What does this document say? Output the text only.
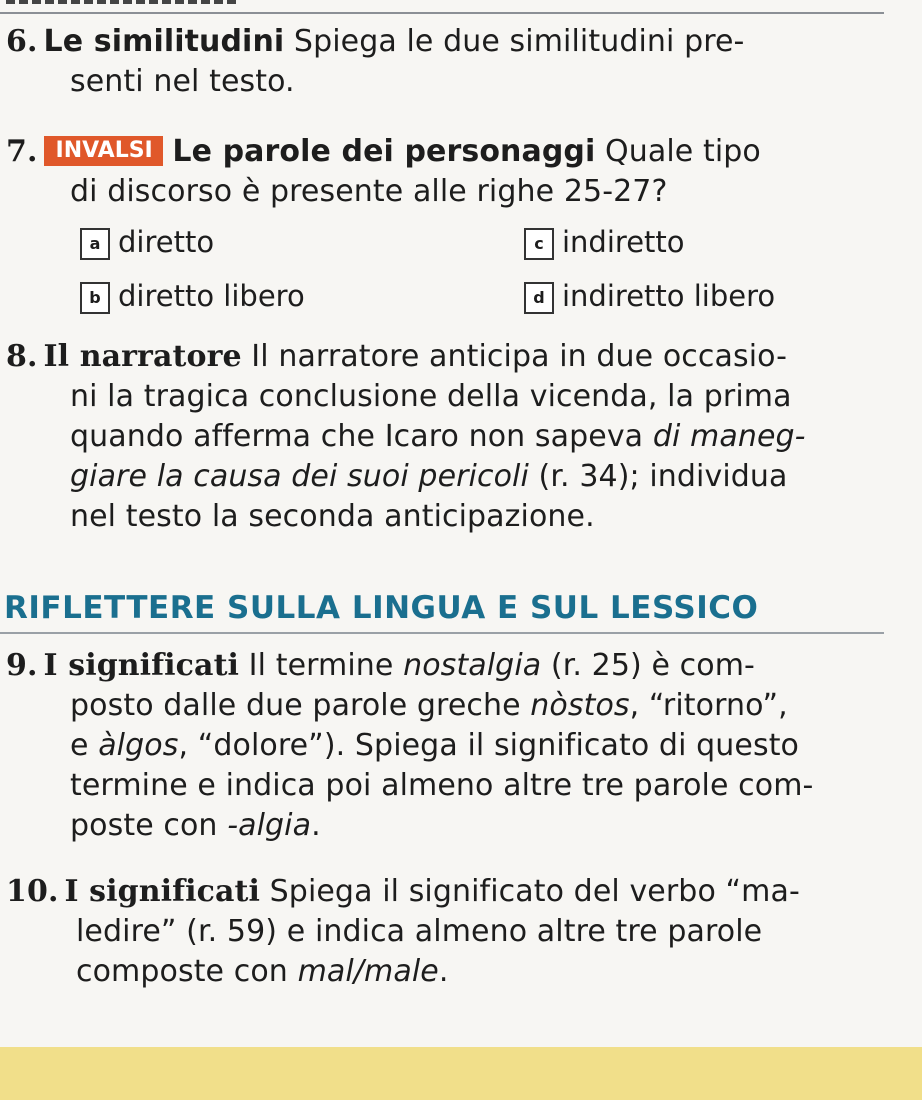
6. Le similitudini Spiega le due similitudini pre-
senti nel testo.
7. INVALSI Le parole dei personaggi Quale tipo
di discorso è presente alle righe 25-27?
a diretto
b diretto libero
c indiretto
d indiretto libero
8. Il narratore Il narratore anticipa in due occasio-
ni la tragica conclusione della vicenda, la prima
quando afferma che Icaro non sapeva di maneg-
giare la causa dei suoi pericoli (r. 34); individua
nel testo la seconda anticipazione.
RIFLETTERE SULLA LINGUA E SUL LESSICO
9. I significati Il termine nostalgia (r. 25) è com-
posto dalle due parole greche nòstos, “ritorno”,
e àlgos, “dolore”). Spiega il significato di questo
termine e indica poi almeno altre tre parole com-
poste con -algia.
10. I significati Spiega il significato del verbo “ma-
ledire” (r. 59) e indica almeno altre tre parole
composte con mal/male.
